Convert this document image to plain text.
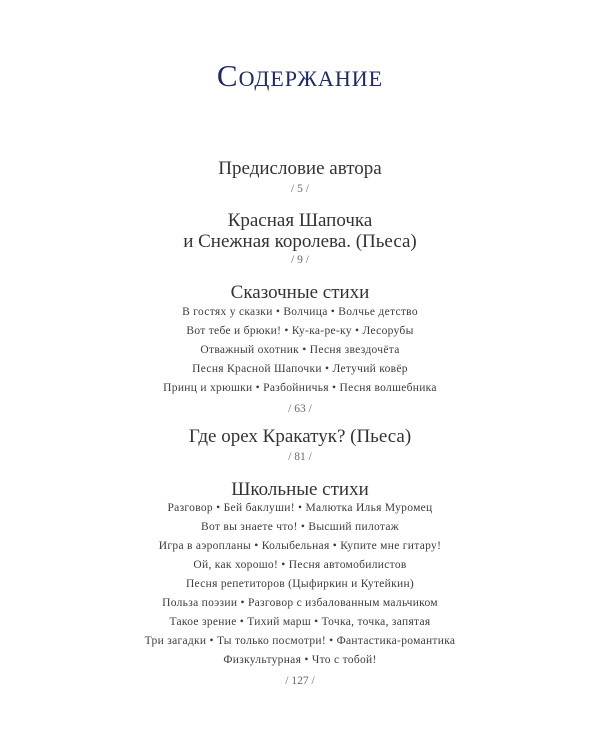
Содержание
Предисловие автора
/ 5 /
Красная Шапочка
и Снежная королева. (Пьеса)
/ 9 /
Сказочные стихи
В гостях у сказки • Волчица • Волчье детство
Вот тебе и брюки! • Ку-ка-ре-ку • Лесорубы
Отважный охотник • Песня звездочёта
Песня Красной Шапочки • Летучий ковёр
Принц и хрюшки • Разбойничья • Песня волшебника
/ 63 /
Где орех Кракатук? (Пьеса)
/ 81 /
Школьные стихи
Разговор • Бей баклуши! • Малютка Илья Муромец
Вот вы знаете что! • Высший пилотаж
Игра в аэропланы • Колыбельная • Купите мне гитару!
Ой, как хорошо! • Песня автомобилистов
Песня репетиторов (Цыфиркин и Кутейкин)
Польза поэзии • Разговор с избалованным мальчиком
Такое зрение • Тихий марш • Точка, точка, запятая
Три загадки • Ты только посмотри! • Фантастика-романтика
Физкультурная • Что с тобой!
/ 127 /
